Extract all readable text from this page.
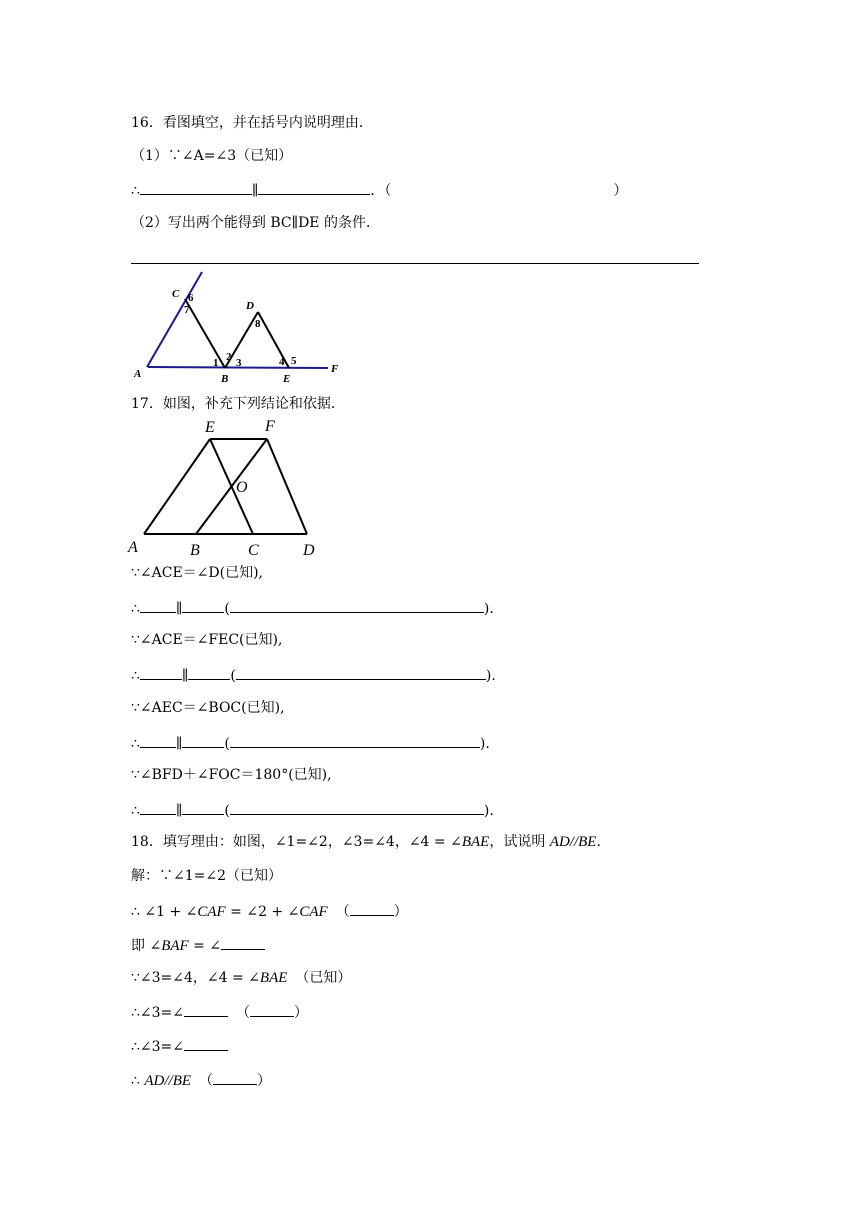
16．看图填空，并在括号内说明理由．
（1）∵∠A=∠3（已知）
∴	∥	．（	）
（2）写出两个能得到 BC∥DE 的条件．
C 6
7	D
8
1 2 3	4 5
A	B	E
F
17．如图，补充下列结论和依据．
E	F
O
A	B	C	D
∵∠ACE＝∠D(已知),
∴	∥	(	).
∵∠ACE＝∠FEC(已知),
∴	∥	(	).
∵∠AEC＝∠BOC(已知),
∴	∥	(	).
∵∠BFD＋∠FOC＝180°(已知),
∴	∥	(	).
18．填写理由：如图，∠1=∠2，∠3=∠4，∠4 = ∠BAE，试说明 AD//BE．
解：∵∠1=∠2（已知）
∴ ∠1 + ∠CAF = ∠2 + ∠CAF （	）
即 ∠BAF = ∠
∵∠3=∠4，∠4 = ∠BAE （已知）
∴∠3=∠	（	）
∴∠3=∠
∴ AD//BE （	）
